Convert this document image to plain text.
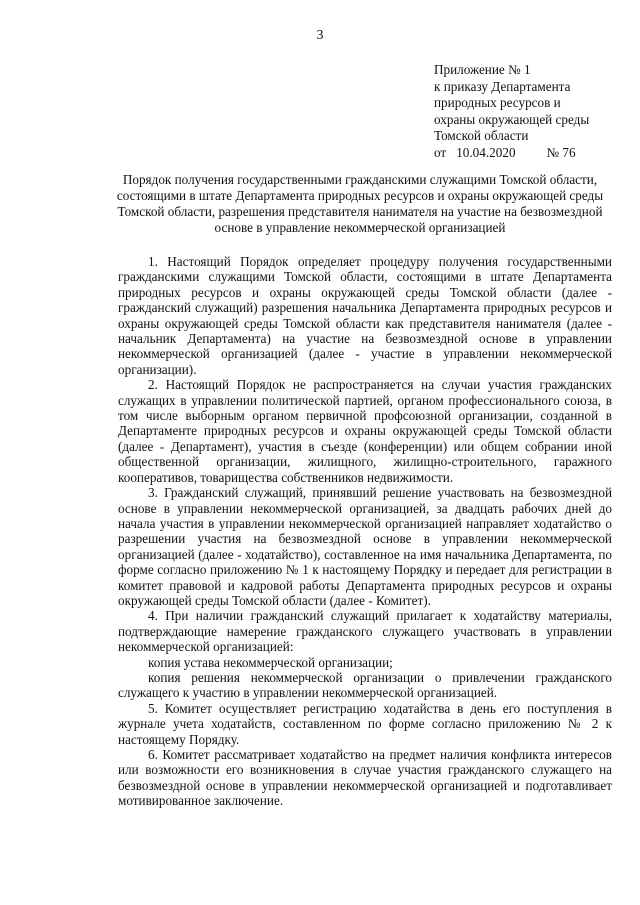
3
Приложение № 1
к приказу Департамента
природных ресурсов и
охраны окружающей среды
Томской области
от 10.04.2020 № 76
Порядок получения государственными гражданскими служащими Томской области, состоящими в штате Департамента природных ресурсов и охраны окружающей среды Томской области, разрешения представителя нанимателя на участие на безвозмездной основе в управление некоммерческой организацией

1. Настоящий Порядок определяет процедуру получения государственными гражданскими служащими Томской области, состоящими в штате Департамента природных ресурсов и охраны окружающей среды Томской области (далее - гражданский служащий) разрешения начальника Департамента природных ресурсов и охраны окружающей среды Томской области как представителя нанимателя (далее - начальник Департамента) на участие на безвозмездной основе в управлении некоммерческой организацией (далее - участие в управлении некоммерческой организации).

2. Настоящий Порядок не распространяется на случаи участия гражданских служащих в управлении политической партией, органом профессионального союза, в том числе выборным органом первичной профсоюзной организации, созданной в Департаменте природных ресурсов и охраны окружающей среды Томской области (далее - Департамент), участия в съезде (конференции) или общем собрании иной общественной организации, жилищного, жилищно-строительного, гаражного кооперативов, товарищества собственников недвижимости.

3. Гражданский служащий, принявший решение участвовать на безвозмездной основе в управлении некоммерческой организацией, за двадцать рабочих дней до начала участия в управлении некоммерческой организацией направляет ходатайство о разрешении участия на безвозмездной основе в управлении некоммерческой организацией (далее - ходатайство), составленное на имя начальника Департамента, по форме согласно приложению № 1 к настоящему Порядку и передает для регистрации в комитет правовой и кадровой работы Департамента природных ресурсов и охраны окружающей среды Томской области (далее - Комитет).

4. При наличии гражданский служащий прилагает к ходатайству материалы, подтверждающие намерение гражданского служащего участвовать в управлении некоммерческой организацией:

копия устава некоммерческой организации;

копия решения некоммерческой организации о привлечении гражданского служащего к участию в управлении некоммерческой организацией.

5. Комитет осуществляет регистрацию ходатайства в день его поступления в журнале учета ходатайств, составленном по форме согласно приложению № 2 к настоящему Порядку.

6. Комитет рассматривает ходатайство на предмет наличия конфликта интересов или возможности его возникновения в случае участия гражданского служащего на безвозмездной основе в управлении некоммерческой организацией и подготавливает мотивированное заключение.
